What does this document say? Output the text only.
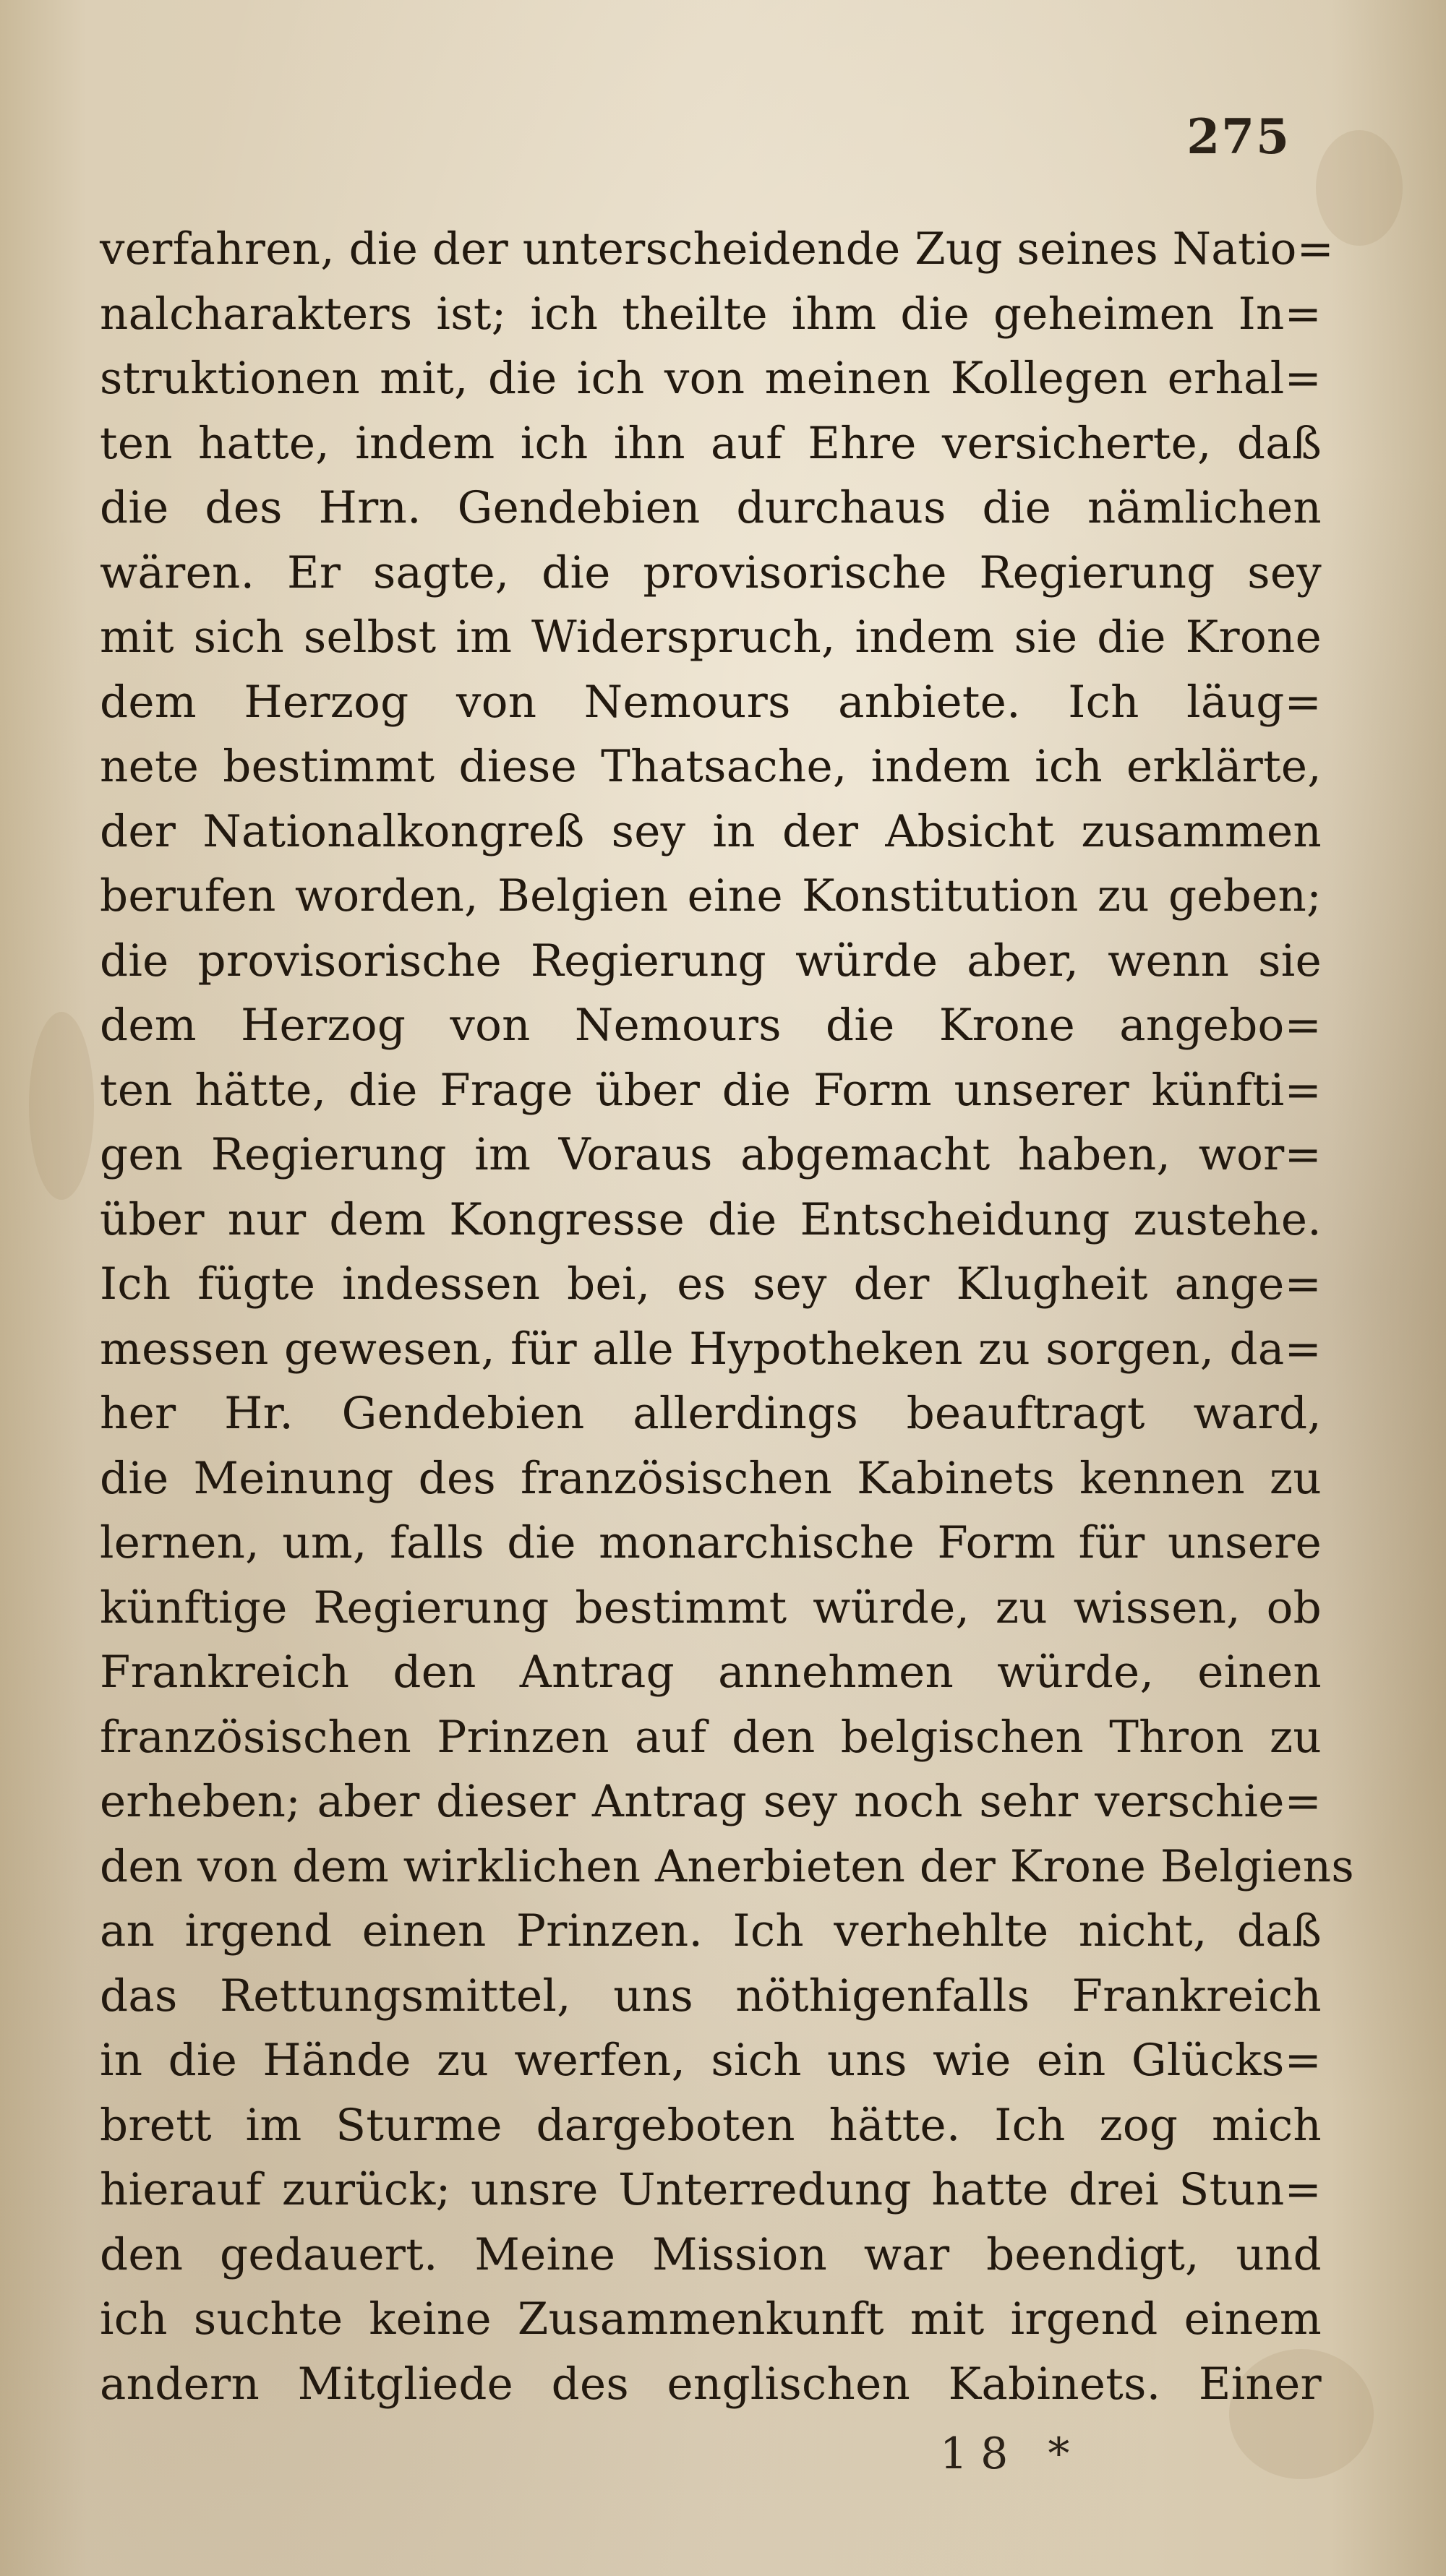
275
verfahren, die der unterscheidende Zug seines Natio=
nalcharakters ist; ich theilte ihm die geheimen In=
struktionen mit, die ich von meinen Kollegen erhal=
ten hatte, indem ich ihn auf Ehre versicherte, daß
die des Hrn. Gendebien durchaus die nämlichen
wären. Er sagte, die provisorische Regierung sey
mit sich selbst im Widerspruch, indem sie die Krone
dem Herzog von Nemours anbiete. Ich läug=
nete bestimmt diese Thatsache, indem ich erklärte,
der Nationalkongreß sey in der Absicht zusammen
berufen worden, Belgien eine Konstitution zu geben;
die provisorische Regierung würde aber, wenn sie
dem Herzog von Nemours die Krone angebo=
ten hätte, die Frage über die Form unserer künfti=
gen Regierung im Voraus abgemacht haben, wor=
über nur dem Kongresse die Entscheidung zustehe.
Ich fügte indessen bei, es sey der Klugheit ange=
messen gewesen, für alle Hypotheken zu sorgen, da=
her Hr. Gendebien allerdings beauftragt ward,
die Meinung des französischen Kabinets kennen zu
lernen, um, falls die monarchische Form für unsere
künftige Regierung bestimmt würde, zu wissen, ob
Frankreich den Antrag annehmen würde, einen
französischen Prinzen auf den belgischen Thron zu
erheben; aber dieser Antrag sey noch sehr verschie=
den von dem wirklichen Anerbieten der Krone Belgiens
an irgend einen Prinzen. Ich verhehlte nicht, daß
das Rettungsmittel, uns nöthigenfalls Frankreich
in die Hände zu werfen, sich uns wie ein Glücks=
brett im Sturme dargeboten hätte. Ich zog mich
hierauf zurück; unsre Unterredung hatte drei Stun=
den gedauert. Meine Mission war beendigt, und
ich suchte keine Zusammenkunft mit irgend einem
andern Mitgliede des englischen Kabinets. Einer
18 *
